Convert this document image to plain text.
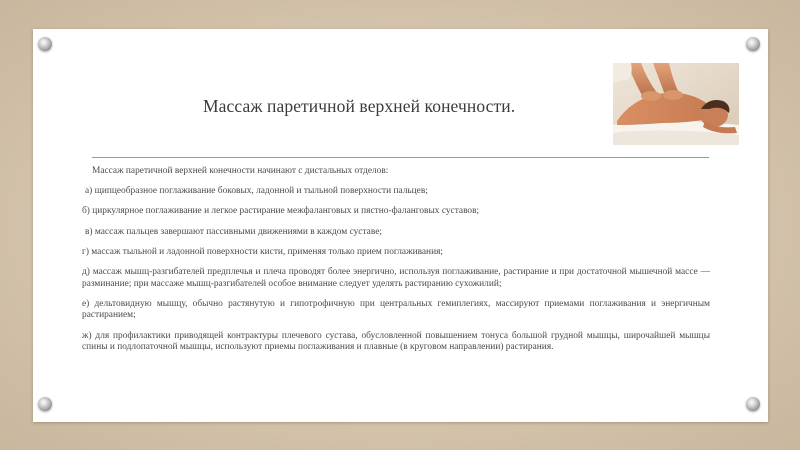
Массаж паретичной верхней конечности.

Массаж паретичной верхней конечности начинают с дистальных отделов:

а) щипцеобразное поглаживание боковых, ладонной и тыльной поверхности пальцев;

б) циркулярное поглаживание и легкое растирание межфаланговых и пястно-фаланговых суставов;

в) массаж пальцев завершают пассивными движениями в каждом суставе;

г) массаж тыльной и ладонной поверхности кисти, применяя только прием поглаживания;

д) массаж мышц-разгибателей предплечья и плеча проводят более энергично, используя поглаживание, растирание и при достаточной мышечной массе — разминание; при массаже мышц-разгибателей особое внимание следует уделять растиранию сухожилий;

е) дельтовидную мышцу, обычно растянутую и гипотрофичную при центральных гемиплегиях, массируют приемами поглаживания и энергичным растиранием;

ж) для профилактики приводящей контрактуры плечевого сустава, обусловленной повышением тонуса большой грудной мышцы, широчайшей мышцы спины и подлопаточной мышцы, используют приемы поглаживания и плавные (в круговом направлении) растирания.
